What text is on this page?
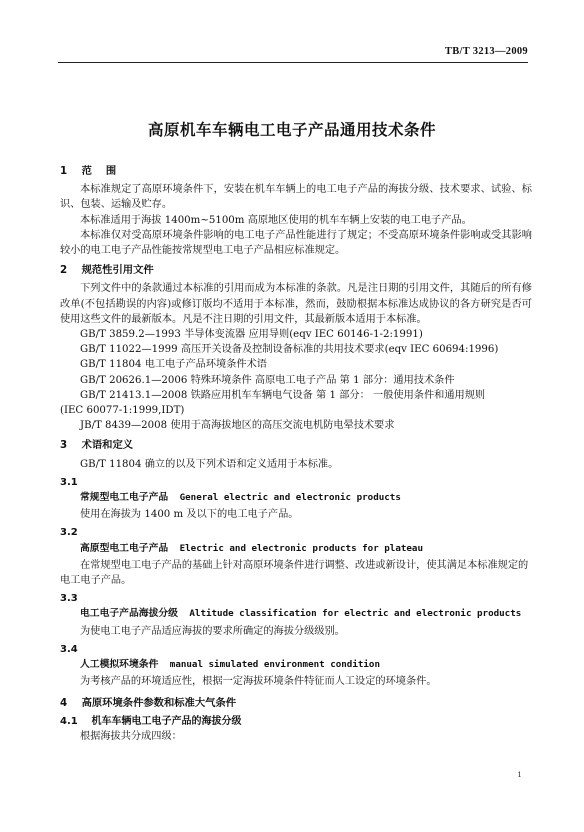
TB/T 3213—2009
高原机车车辆电工电子产品通用技术条件
1 范围

本标准规定了高原环境条件下，安装在机车车辆上的电工电子产品的海拔分级、技术要求、试验、标识、包装、运输及贮存。

本标准适用于海拔 1400m~5100m 高原地区使用的机车车辆上安装的电工电子产品。

本标准仅对受高原环境条件影响的电工电子产品性能进行了规定；不受高原环境条件影响或受其影响较小的电工电子产品性能按常规型电工电子产品相应标准规定。

2 规范性引用文件

下列文件中的条款通过本标准的引用而成为本标准的条款。凡是注日期的引用文件，其随后的所有修改单(不包括勘误的内容)或修订版均不适用于本标准，然而，鼓励根据本标准达成协议的各方研究是否可使用这些文件的最新版本。凡是不注日期的引用文件，其最新版本适用于本标准。

GB/T 3859.2—1993 半导体变流器 应用导则(eqv IEC 60146-1-2:1991)

GB/T 11022—1999 高压开关设备及控制设备标准的共用技术要求(eqv IEC 60694:1996)

GB/T 11804 电工电子产品环境条件术语

GB/T 20626.1—2006 特殊环境条件 高原电工电子产品 第 1 部分：通用技术条件

GB/T 21413.1—2008 铁路应用机车车辆电气设备 第 1 部分： 一般使用条件和通用规则

(IEC 60077-1:1999,IDT)

JB/T 8439—2008 使用于高海拔地区的高压交流电机防电晕技术要求

3 术语和定义

GB/T 11804 确立的以及下列术语和定义适用于本标准。

3.1
常规型电工电子产品 General electric and electronic products

使用在海拔为 1400 m 及以下的电工电子产品。

3.2
高原型电工电子产品 Electric and electronic products for plateau

在常规型电工电子产品的基础上针对高原环境条件进行调整、改进或新设计，使其满足本标准规定的电工电子产品。

3.3
电工电子产品海拔分级 Altitude classification for electric and electronic products

为使电工电子产品适应海拔的要求所确定的海拔分级级别。

3.4
人工模拟环境条件 manual simulated environment condition

为考核产品的环境适应性，根据一定海拔环境条件特征而人工设定的环境条件。

4 高原环境条件参数和标准大气条件
4.1 机车车辆电工电子产品的海拔分级

根据海拔共分成四级：

1
